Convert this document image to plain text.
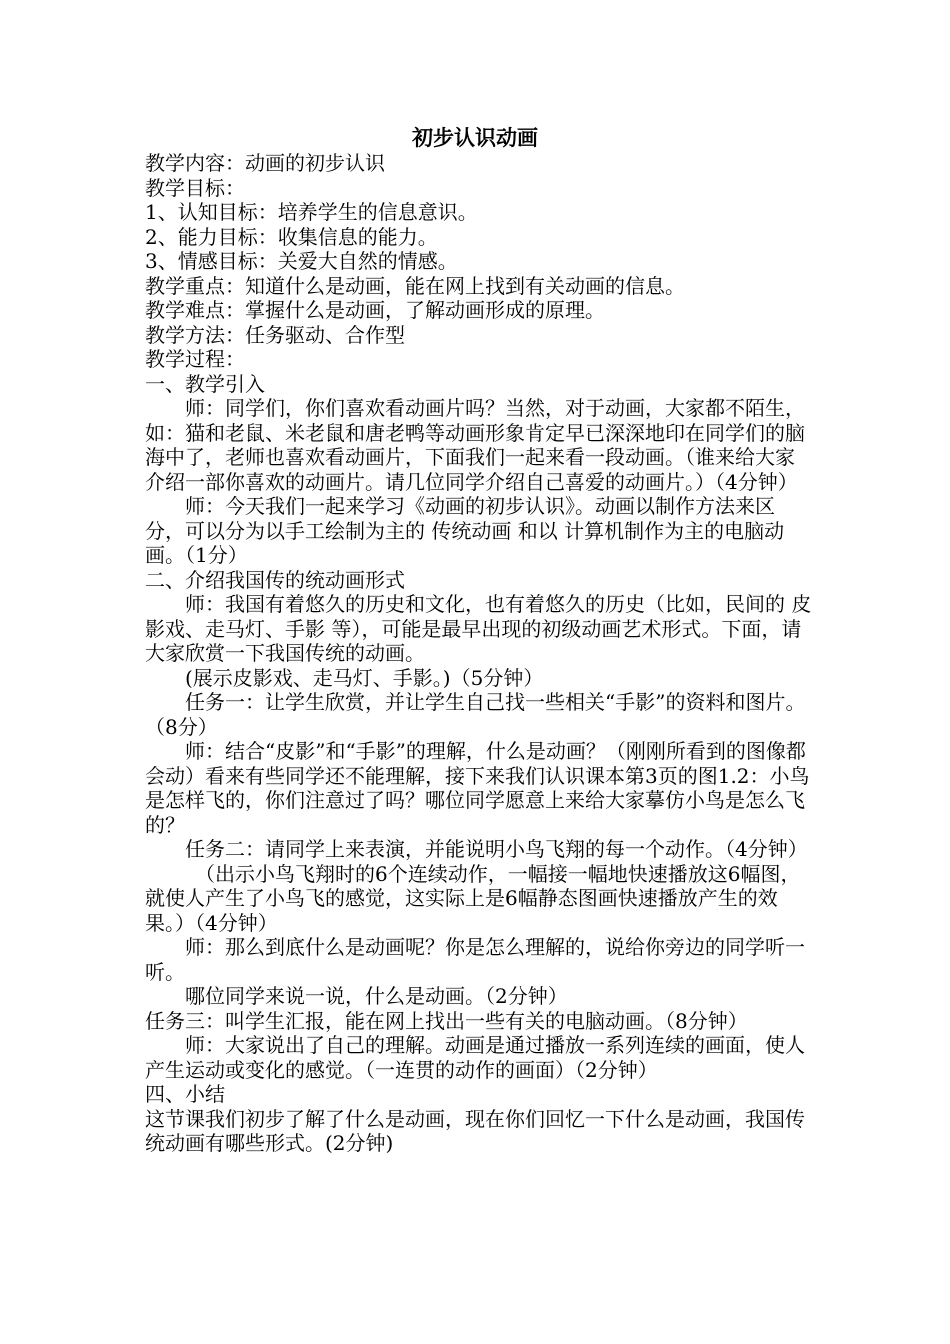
初步认识动画

教学内容：动画的初步认识

教学目标：

1、认知目标：培养学生的信息意识。

2、能力目标：收集信息的能力。

3、情感目标：关爱大自然的情感。

教学重点：知道什么是动画，能在网上找到有关动画的信息。

教学难点：掌握什么是动画，了解动画形成的原理。

教学方法：任务驱动、合作型

教学过程：

一、教学引入

师：同学们，你们喜欢看动画片吗？当然，对于动画，大家都不陌生，如：猫和老鼠、米老鼠和唐老鸭等动画形象肯定早已深深地印在同学们的脑海中了，老师也喜欢看动画片，下面我们一起来看一段动画。（谁来给大家介绍一部你喜欢的动画片。请几位同学介绍自己喜爱的动画片。）（4分钟）

师：今天我们一起来学习《动画的初步认识》。动画以制作方法来区分，可以分为以手工绘制为主的 传统动画 和以 计算机制作为主的电脑动画。（1分）

二、介绍我国传的统动画形式

师：我国有着悠久的历史和文化，也有着悠久的历史（比如，民间的 皮影戏、走马灯、手影 等），可能是最早出现的初级动画艺术形式。下面，请大家欣赏一下我国传统的动画。

(展示皮影戏、走马灯、手影。)（5分钟）

任务一：让学生欣赏，并让学生自己找一些相关“手影”的资料和图片。（8分）

师：结合“皮影”和“手影”的理解，什么是动画？（刚刚所看到的图像都会动）看来有些同学还不能理解，接下来我们认识课本第3页的图1.2：小鸟是怎样飞的，你们注意过了吗？哪位同学愿意上来给大家摹仿小鸟是怎么飞的？

任务二：请同学上来表演，并能说明小鸟飞翔的每一个动作。（4分钟）

（出示小鸟飞翔时的6个连续动作，一幅接一幅地快速播放这6幅图，就使人产生了小鸟飞的感觉，这实际上是6幅静态图画快速播放产生的效果。）（4分钟）

师：那么到底什么是动画呢？你是怎么理解的，说给你旁边的同学听一听。

哪位同学来说一说，什么是动画。（2分钟）

任务三：叫学生汇报，能在网上找出一些有关的电脑动画。（8分钟）

师：大家说出了自己的理解。动画是通过播放一系列连续的画面，使人产生运动或变化的感觉。（一连贯的动作的画面）（2分钟）

四、小结

这节课我们初步了解了什么是动画，现在你们回忆一下什么是动画，我国传统动画有哪些形式。(2分钟)
